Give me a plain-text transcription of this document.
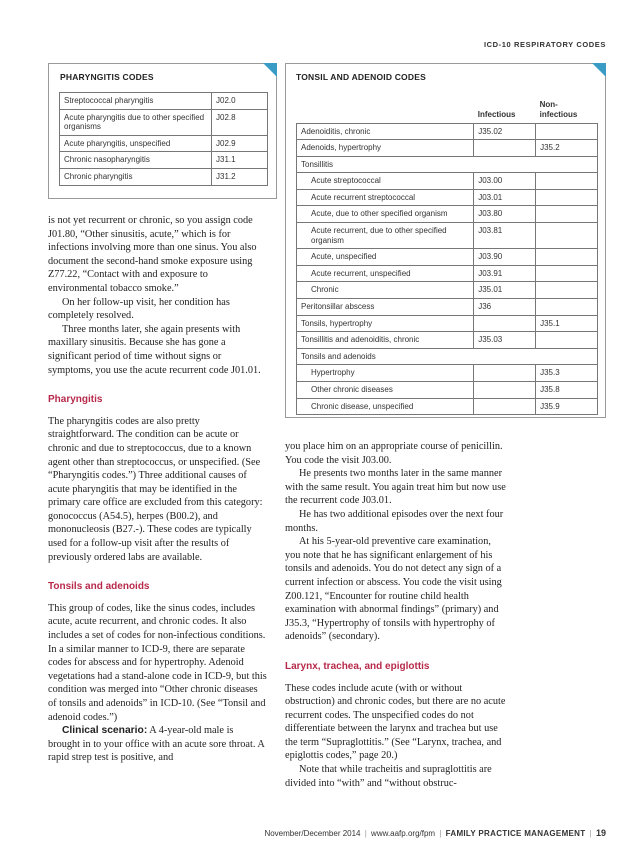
ICD-10 RESPIRATORY CODES
PHARYNGITIS CODES
Streptococcal pharyngitis	J02.0
Acute pharyngitis due to other specified organisms	J02.8
Acute pharyngitis, unspecified	J02.9
Chronic nasopharyngitis	J31.1
Chronic pharyngitis	J31.2
TONSIL AND ADENOID CODES
	Infectious	Non-infectious
Adenoiditis, chronic	J35.02	
Adenoids, hypertrophy		J35.2
Tonsillitis		
Acute streptococcal	J03.00	
Acute recurrent streptococcal	J03.01	
Acute, due to other specified organism	J03.80	
Acute recurrent, due to other specified organism	J03.81	
Acute, unspecified	J03.90	
Acute recurrent, unspecified	J03.91	
Chronic	J35.01	
Peritonsillar abscess	J36	
Tonsils, hypertrophy		J35.1
Tonsillitis and adenoiditis, chronic	J35.03	
Tonsils and adenoids		
Hypertrophy		J35.3
Other chronic diseases		J35.8
Chronic disease, unspecified		J35.9

is not yet recurrent or chronic, so you assign code J01.80, “Other sinusitis, acute,” which is for infections involving more than one sinus. You also document the second-hand smoke exposure using Z77.22, “Contact with and exposure to environmental tobacco smoke.”

On her follow-up visit, her condition has completely resolved.

Three months later, she again presents with maxillary sinusitis. Because she has gone a significant period of time without signs or symptoms, you use the acute recurrent code J01.01.

Pharyngitis

The pharyngitis codes are also pretty straightforward. The condition can be acute or chronic and due to streptococcus, due to a known agent other than streptococcus, or unspecified. (See “Pharyngitis codes.”) Three additional causes of acute pharyngitis that may be identified in the primary care office are excluded from this category: gonococcus (A54.5), herpes (B00.2), and mononucleosis (B27.-). These codes are typically used for a follow-up visit after the results of previously ordered labs are available.

Tonsils and adenoids

This group of codes, like the sinus codes, includes acute, acute recurrent, and chronic codes. It also includes a set of codes for non-infectious conditions. In a similar manner to ICD-9, there are separate codes for abscess and for hypertrophy. Adenoid vegetations had a stand-alone code in ICD-9, but this condition was merged into “Other chronic diseases of tonsils and adenoids” in ICD-10. (See “Tonsil and adenoid codes.”)

Clinical scenario: A 4-year-old male is brought in to your office with an acute sore throat. A rapid strep test is positive, and

you place him on an appropriate course of penicillin. You code the visit J03.00.

He presents two months later in the same manner with the same result. You again treat him but now use the recurrent code J03.01.

He has two additional episodes over the next four months.

At his 5-year-old preventive care examination, you note that he has significant enlargement of his tonsils and adenoids. You do not detect any sign of a current infection or abscess. You code the visit using Z00.121, “Encounter for routine child health examination with abnormal findings” (primary) and J35.3, “Hypertrophy of tonsils with hypertrophy of adenoids” (secondary).

Larynx, trachea, and epiglottis

These codes include acute (with or without obstruction) and chronic codes, but there are no acute recurrent codes. The unspecified codes do not differentiate between the larynx and trachea but use the term “Supraglottitis.” (See “Larynx, trachea, and epiglottis codes,” page 20.)

Note that while tracheitis and supraglottitis are divided into “with” and “without obstruc-

November/December 2014 | www.aafp.org/fpm | FAMILY PRACTICE MANAGEMENT | 19
